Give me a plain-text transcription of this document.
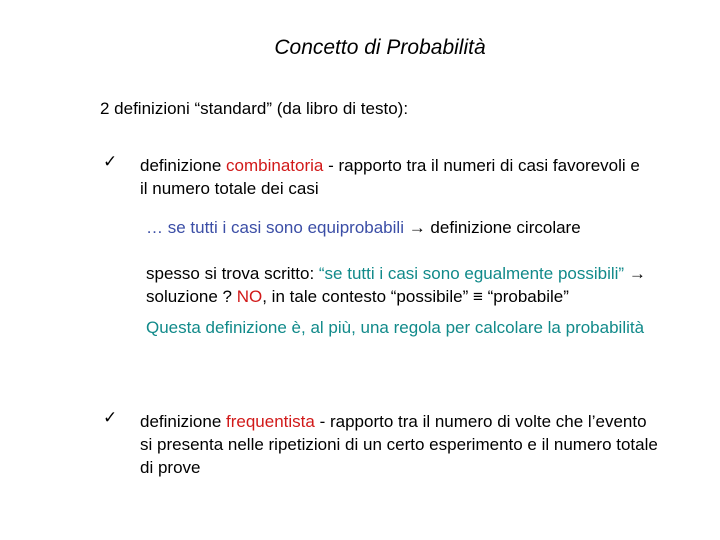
Concetto di Probabilità
2 definizioni “standard” (da libro di testo):
✓ definizione combinatoria - rapporto tra il numeri di casi favorevoli e il numero totale dei casi
… se tutti i casi sono equiprobabili → definizione circolare
spesso si trova scritto: “se tutti i casi sono egualmente possibili” → soluzione ? NO, in tale contesto “possibile” ≡ “probabile”
Questa definizione è, al più, una regola per calcolare la probabilità
✓ definizione frequentista - rapporto tra il numero di volte che l’evento si presenta nelle ripetizioni di un certo esperimento e il numero totale di prove
